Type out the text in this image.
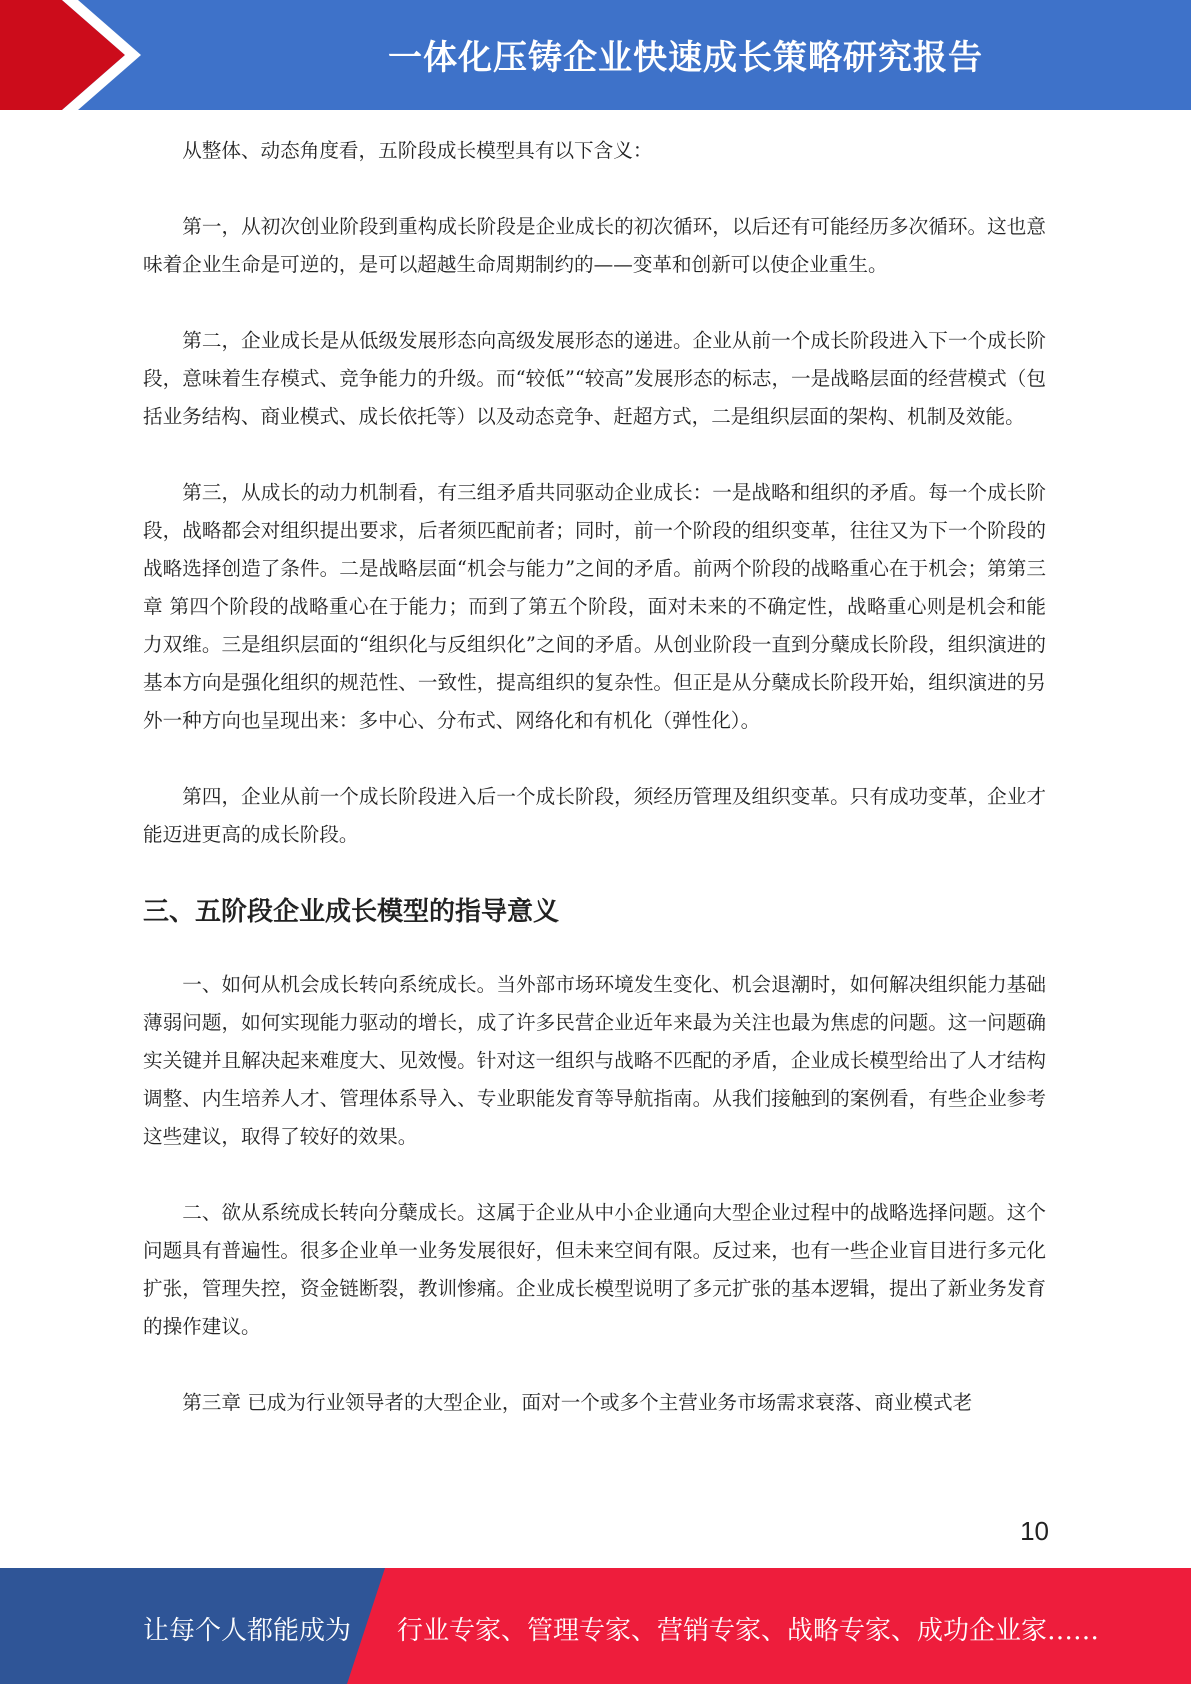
一体化压铸企业快速成长策略研究报告

从整体、动态角度看，五阶段成长模型具有以下含义：

第一，从初次创业阶段到重构成长阶段是企业成长的初次循环，以后还有可能经历多次循环。这也意味着企业生命是可逆的，是可以超越生命周期制约的——变革和创新可以使企业重生。

第二，企业成长是从低级发展形态向高级发展形态的递进。企业从前一个成长阶段进入下一个成长阶段，意味着生存模式、竞争能力的升级。而“较低”“较高”发展形态的标志，一是战略层面的经营模式（包括业务结构、商业模式、成长依托等）以及动态竞争、赶超方式，二是组织层面的架构、机制及效能。

第三，从成长的动力机制看，有三组矛盾共同驱动企业成长：一是战略和组织的矛盾。每一个成长阶段，战略都会对组织提出要求，后者须匹配前者；同时，前一个阶段的组织变革，往往又为下一个阶段的战略选择创造了条件。二是战略层面“机会与能力”之间的矛盾。前两个阶段的战略重心在于机会；第第三章 第四个阶段的战略重心在于能力；而到了第五个阶段，面对未来的不确定性，战略重心则是机会和能力双维。三是组织层面的“组织化与反组织化”之间的矛盾。从创业阶段一直到分蘖成长阶段，组织演进的基本方向是强化组织的规范性、一致性，提高组织的复杂性。但正是从分蘖成长阶段开始，组织演进的另外一种方向也呈现出来：多中心、分布式、网络化和有机化（弹性化）。

第四，企业从前一个成长阶段进入后一个成长阶段，须经历管理及组织变革。只有成功变革，企业才能迈进更高的成长阶段。

三、五阶段企业成长模型的指导意义

一、如何从机会成长转向系统成长。当外部市场环境发生变化、机会退潮时，如何解决组织能力基础薄弱问题，如何实现能力驱动的增长，成了许多民营企业近年来最为关注也最为焦虑的问题。这一问题确实关键并且解决起来难度大、见效慢。针对这一组织与战略不匹配的矛盾，企业成长模型给出了人才结构调整、内生培养人才、管理体系导入、专业职能发育等导航指南。从我们接触到的案例看，有些企业参考这些建议，取得了较好的效果。

二、欲从系统成长转向分蘖成长。这属于企业从中小企业通向大型企业过程中的战略选择问题。这个问题具有普遍性。很多企业单一业务发展很好，但未来空间有限。反过来，也有一些企业盲目进行多元化扩张，管理失控，资金链断裂，教训惨痛。企业成长模型说明了多元扩张的基本逻辑，提出了新业务发育的操作建议。

第三章 已成为行业领导者的大型企业，面对一个或多个主营业务市场需求衰落、商业模式老

10
让每个人都能成为 行业专家、管理专家、营销专家、战略专家、成功企业家……
